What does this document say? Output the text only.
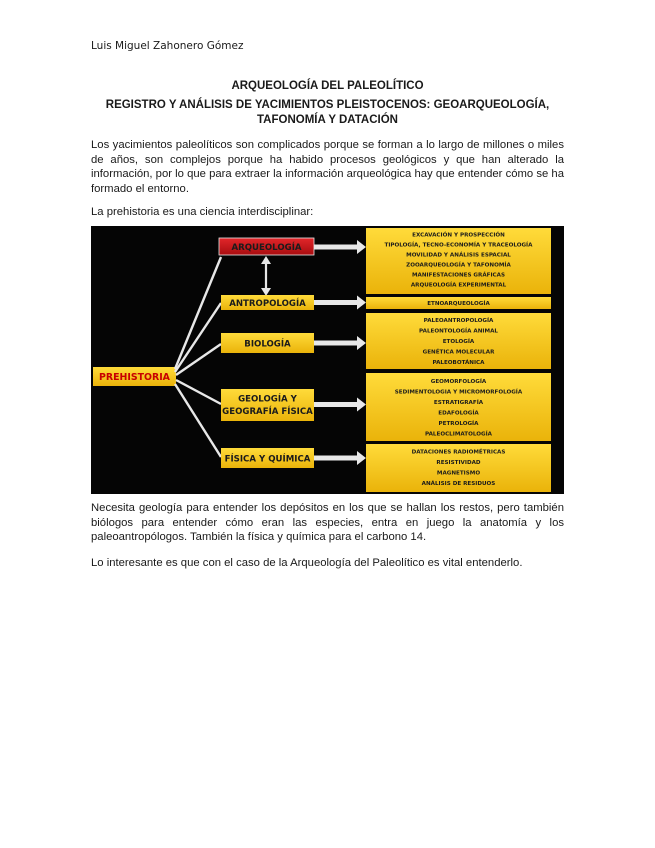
Luis Miguel Zahonero Gómez
ARQUEOLOGÍA DEL PALEOLÍTICO
REGISTRO Y ANÁLISIS DE YACIMIENTOS PLEISTOCENOS: GEOARQUEOLOGÍA,
TAFONOMÍA Y DATACIÓN
Los yacimientos paleolíticos son complicados porque se forman a lo largo de millones o miles de años, son complejos porque ha habido procesos geológicos y que han alterado la información, por lo que para extraer la información arqueológica hay que entender cómo se ha formado el entorno.
La prehistoria es una ciencia interdisciplinar:
PREHISTORIA
ARQUEOLOGÍA
ANTROPOLOGÍA
BIOLOGÍA
GEOLOGÍA Y
GEOGRAFÍA FÍSICA
FÍSICA Y QUÍMICA
EXCAVACIÓN Y PROSPECCIÓN
TIPOLOGÍA, TECNO-ECONOMÍA Y TRACEOLOGÍA
MOVILIDAD Y ANÁLISIS ESPACIAL
ZOOARQUEOLOGÍA Y TAFONOMÍA
MANIFESTACIONES GRÁFICAS
ARQUEOLOGÍA EXPERIMENTAL
ETNOARQUEOLOGÍA
PALEOANTROPOLOGÍA
PALEONTOLOGÍA ANIMAL
ETOLOGÍA
GENÉTICA MOLECULAR
PALEOBOTÁNICA
GEOMORFOLOGÍA
SEDIMENTOLOGIA Y MICROMORFOLOGÍA
ESTRATIGRAFÍA
EDAFOLOGÍA
PETROLOGÍA
PALEOCLIMATOLOGÍA
DATACIONES RADIOMÉTRICAS
RESISTIVIDAD
MAGNETISMO
ANÁLISIS DE RESIDUOS
Necesita geología para entender los depósitos en los que se hallan los restos, pero también biólogos para entender cómo eran las especies, entra en juego la anatomía y los paleoantropólogos. También la física y química para el carbono 14.
Lo interesante es que con el caso de la Arqueología del Paleolítico es vital entenderlo.
